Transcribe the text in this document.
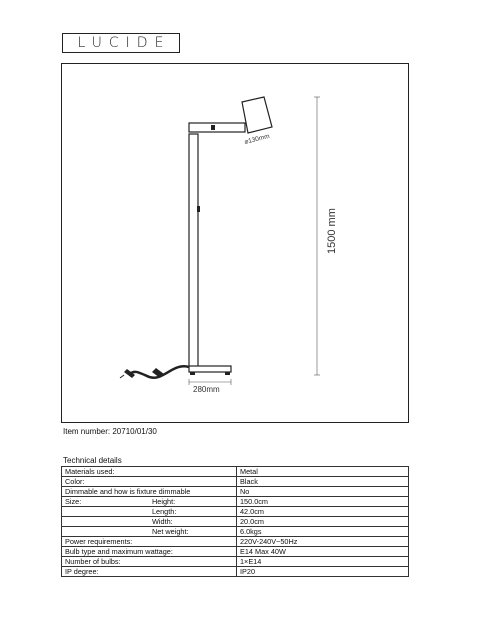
LUCIDE
⌀130mm
280mm
1500 mm
Item number: 20710/01/30
Technical details
Materials used:	Metal
Color:	Black
Dimmable and how is fixture dimmable	No
Size: Height:	150.0cm

Length:	42.0cm

Width:	20.0cm

Net weight:	6.0kgs
Power requirements:	220V-240V~50Hz
Bulb type and maximum wattage:	E14 Max 40W
Number of bulbs:	1×E14
IP degree:	IP20
